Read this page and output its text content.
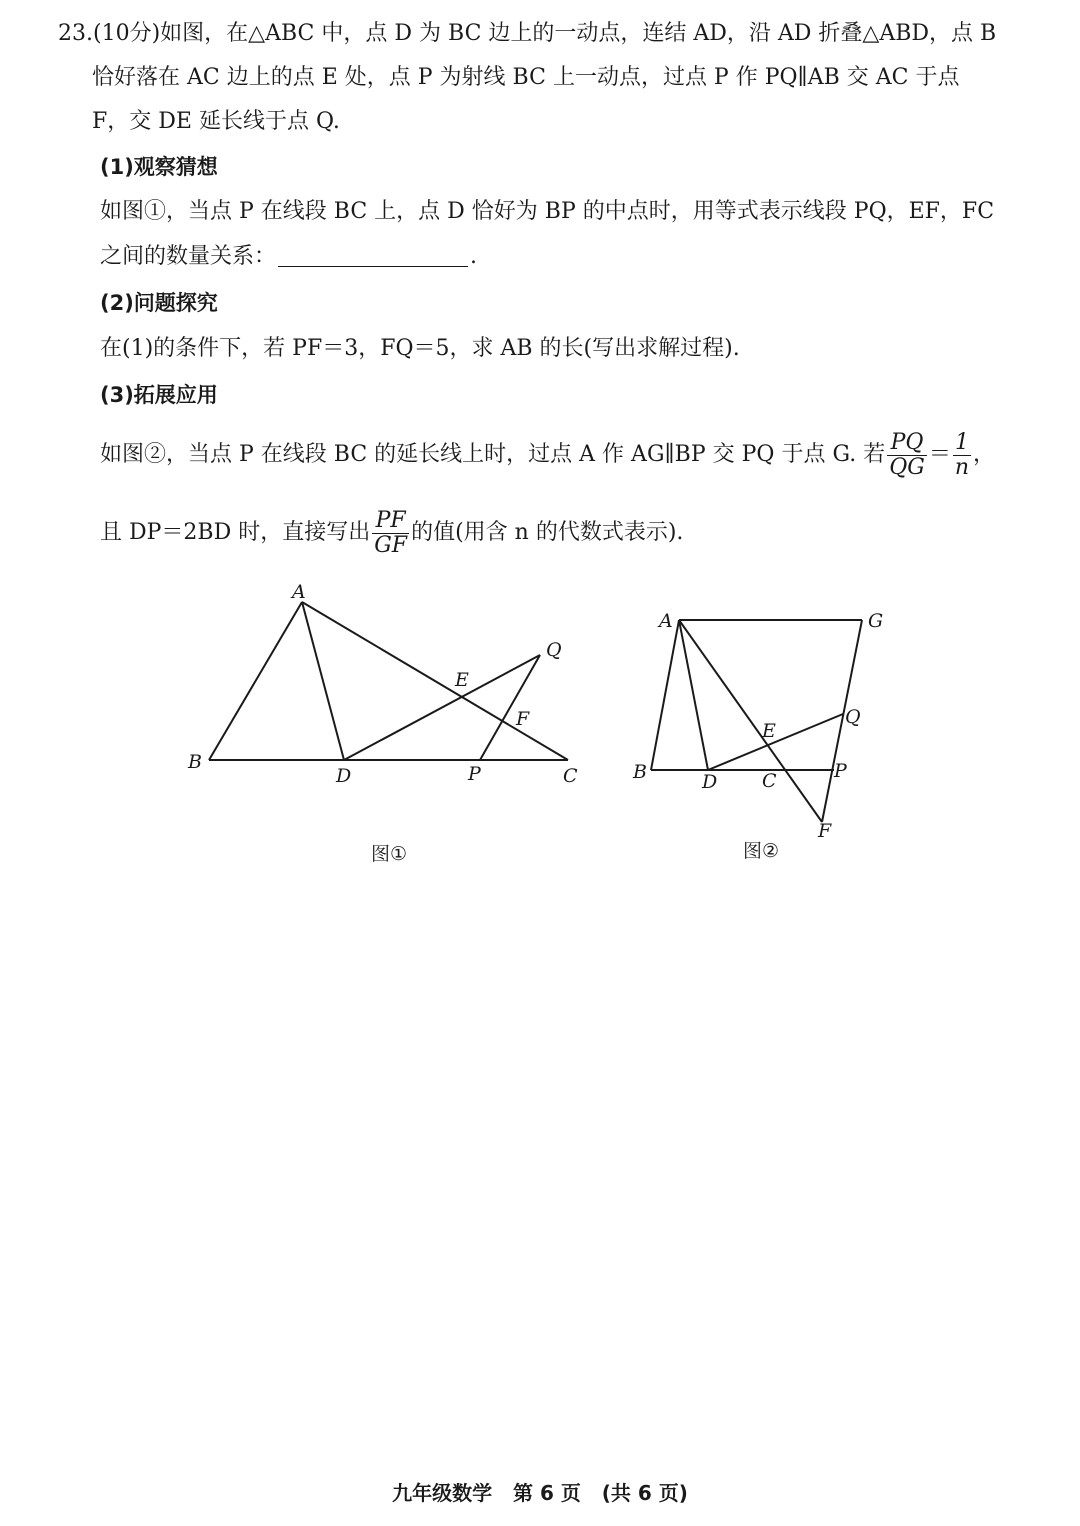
23.(10分)如图，在△ABC 中，点 D 为 BC 边上的一动点，连结 AD，沿 AD 折叠△ABD，点 B
恰好落在 AC 边上的点 E 处，点 P 为射线 BC 上一动点，过点 P 作 PQ∥AB 交 AC 于点
F，交 DE 延长线于点 Q.
(1)观察猜想
如图①，当点 P 在线段 BC 上，点 D 恰好为 BP 的中点时，用等式表示线段 PQ，EF，FC
之间的数量关系：	.
(2)问题探究
在(1)的条件下，若 PF＝3，FQ＝5，求 AB 的长(写出求解过程).
(3)拓展应用
如图②，当点 P 在线段 BC 的延长线上时，过点 A 作 AG∥BP 交 PQ 于点 G. 若 $\frac{PQ}{QG} = \frac{1}{n}$ ，
且 DP＝2BD 时，直接写出 $\frac{PF}{GF}$ 的值(用含 n 的代数式表示).
A
B
C
D
E
F
P
Q
A
B	C
D
E
F
G
P
Q
图①	图②
九年级数学 第 6 页 (共 6 页)
